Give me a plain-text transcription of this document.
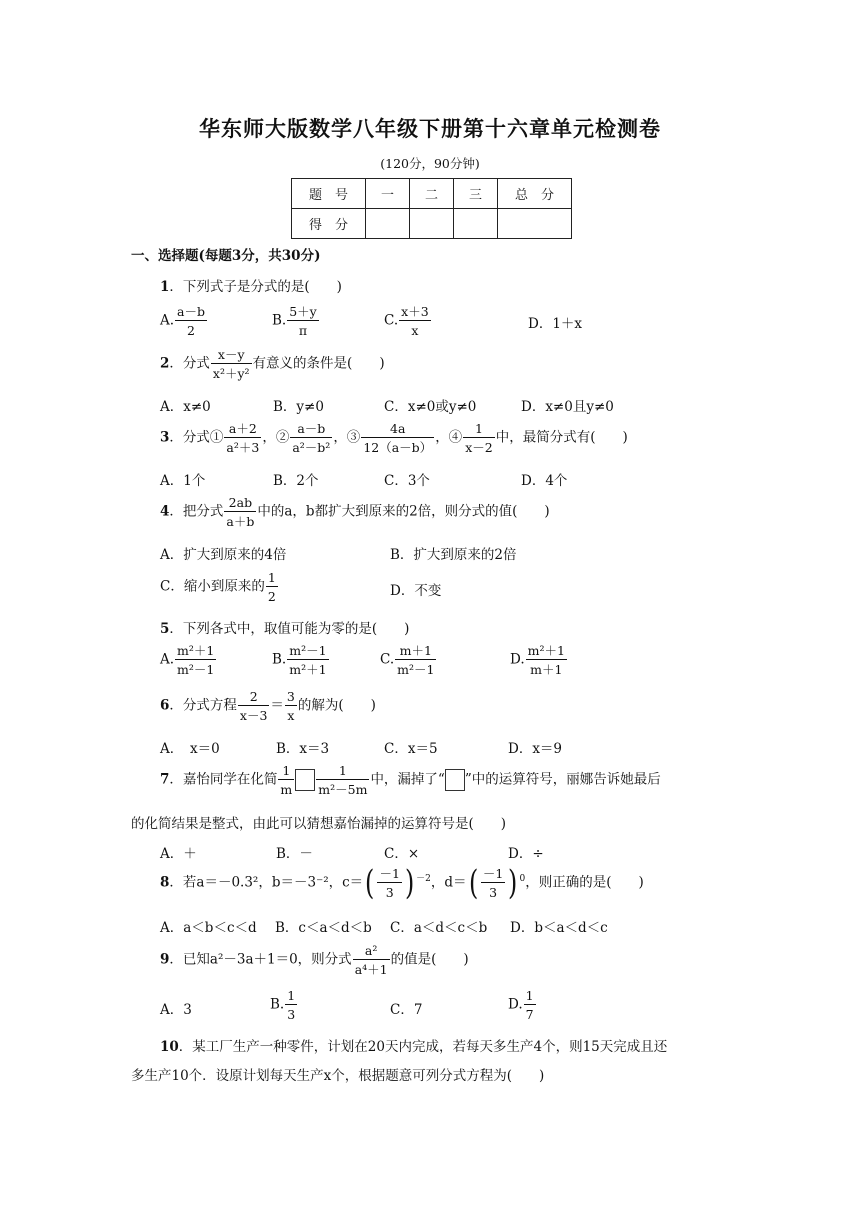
华东师大版数学八年级下册第十六章单元检测卷
(120分，90分钟)
题　号	一	二	三	总　分
得　分				
一、选择题(每题3分，共30分)
1．下列式子是分式的是(　　)
A. $\frac{a-b}{2}$	B. $\frac{5+y}{\pi}$	C. $\frac{x+3}{x}$	D．1＋x
2．分式 $\frac{x-y}{\text{x²＋y²}}$ 有意义的条件是(　　)
A．x≠0	B．y≠0	C．x≠0或y≠0	D．x≠0且y≠0
3．分式① $\frac{a+2}{\text{a²＋3}}$ ，② $\frac{a-b}{\text{a²－b²}}$ ，③ $\frac{4a}{12(a-b)}$ ，④ $\frac{1}{x-2}$ 中，最简分式有(　　)
A．1个	B．2个	C．3个	D．4个
4．把分式 $\frac{2ab}{a+b}$ 中的a，b都扩大到原来的2倍，则分式的值(　　)
A．扩大到原来的4倍	B．扩大到原来的2倍
C．缩小到原来的 $\frac{1}{2}$	D．不变
5．下列各式中，取值可能为零的是(　　)
A. $\frac{\text{m²＋1}}{\text{m²－1}}$	B. $\frac{\text{m²－1}}{\text{m²＋1}}$	C. $\frac{m+1}{\text{m²－1}}$	D. $\frac{\text{m²＋1}}{m+1}$
6．分式方程 $\frac{2}{x-3} = \frac{3}{x}$ 的解为(　　)
A．　x＝0	B．x＝3	C．x＝5	D．x＝9
7．嘉怡同学在化简 $\frac{1}{m} \frac{1}{\text{m²－5m}}$ 中，漏掉了“ ”中的运算符号，丽娜告诉她最后
的化简结果是整式，由此可以猜想嘉怡漏掉的运算符号是(　　)
A．＋	B．－	C．×	D．÷
8．若a＝－0.3²，b＝－3⁻²，$c=( \frac{-1}{3}$ ) $^{-2}$，$d=( \frac{-1}{3}$ ) $^0$，则正确的是(　　)
A．a＜b＜c＜d B．c＜a＜d＜b C．a＜d＜c＜b D．b＜a＜d＜c
9．已知a²－3a＋1＝0，则分式 $\frac{\text{a²}}{\text{a⁴＋1}}$ 的值是(　　)
A．3	B. $\frac{1}{3}$	C．7	D. $\frac{1}{7}$
10．某工厂生产一种零件，计划在20天内完成，若每天多生产4个，则15天完成且还
多生产10个．设原计划每天生产x个，根据题意可列分式方程为(　　)
